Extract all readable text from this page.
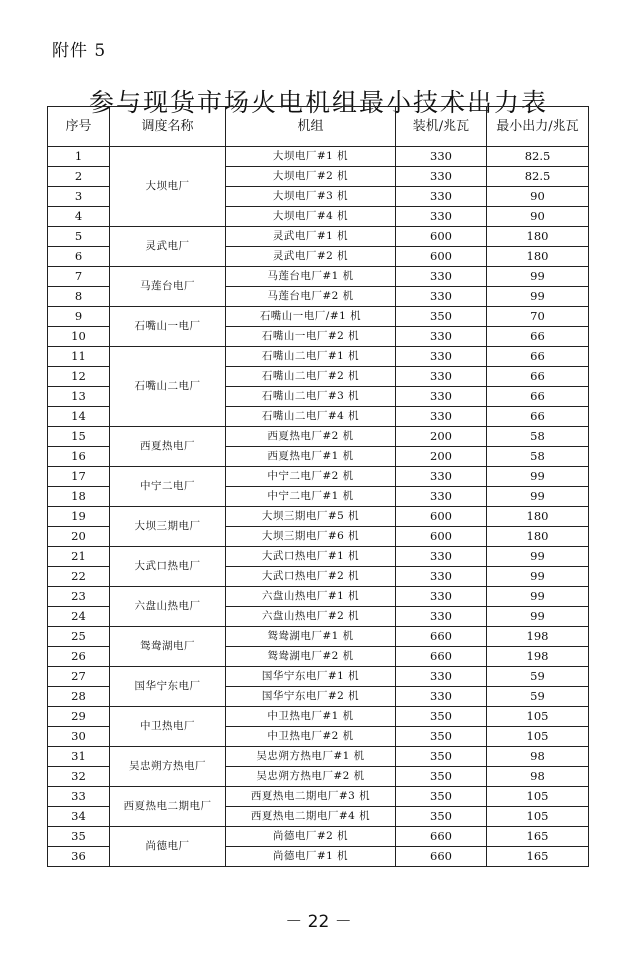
附件 5
参与现货市场火电机组最小技术出力表
序号	调度名称	机组	装机/兆瓦	最小出力/兆瓦
1	大坝电厂	大坝电厂#1 机	330	82.5
2		大坝电厂#2 机	330	82.5
3		大坝电厂#3 机	330	90
4		大坝电厂#4 机	330	90
5	灵武电厂	灵武电厂#1 机	600	180
6		灵武电厂#2 机	600	180
7	马莲台电厂	马莲台电厂#1 机	330	99
8		马莲台电厂#2 机	330	99
9	石嘴山一电厂	石嘴山一电厂/#1 机	350	70
10		石嘴山一电厂#2 机	330	66
11	石嘴山二电厂	石嘴山二电厂#1 机	330	66
12		石嘴山二电厂#2 机	330	66
13		石嘴山二电厂#3 机	330	66
14		石嘴山二电厂#4 机	330	66
15	西夏热电厂	西夏热电厂#2 机	200	58
16		西夏热电厂#1 机	200	58
17	中宁二电厂	中宁二电厂#2 机	330	99
18		中宁二电厂#1 机	330	99
19	大坝三期电厂	大坝三期电厂#5 机	600	180
20		大坝三期电厂#6 机	600	180
21	大武口热电厂	大武口热电厂#1 机	330	99
22		大武口热电厂#2 机	330	99
23	六盘山热电厂	六盘山热电厂#1 机	330	99
24		六盘山热电厂#2 机	330	99
25	鸳鸯湖电厂	鸳鸯湖电厂#1 机	660	198
26		鸳鸯湖电厂#2 机	660	198
27	国华宁东电厂	国华宁东电厂#1 机	330	59
28		国华宁东电厂#2 机	330	59
29	中卫热电厂	中卫热电厂#1 机	350	105
30		中卫热电厂#2 机	350	105
31	吴忠朔方热电厂	吴忠朔方热电厂#1 机	350	98
32		吴忠朔方热电厂#2 机	350	98
33	西夏热电二期电厂	西夏热电二期电厂#3 机	350	105
34		西夏热电二期电厂#4 机	350	105
35	尚德电厂	尚德电厂#2 机	660	165
36		尚德电厂#1 机	660	165
－ 22 －
